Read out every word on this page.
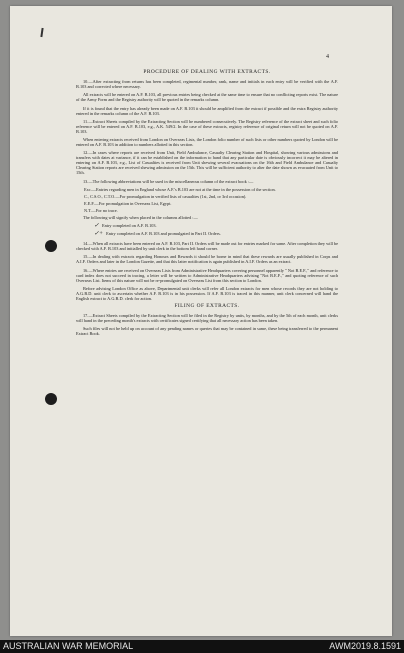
4
PROCEDURE OF DEALING WITH EXTRACTS.

10.—After extracting from returns has been completed, regimental number, rank, name and initials in each entry will be verified with the A.F. B.103 and corrected where necessary.

All extracts will be entered on A.F. B.103, all previous entries being checked at the same time to ensure that no conflicting reports exist. The nature of the Army Form and the Registry authority will be quoted in the remarks column.

If it is found that the entry has already been made on A.F. B.103 it should be amplified from the extract if possible and the extra Registry authority entered in the remarks column of the A.F. B.103.

11.—Extract Sheets compiled by the Extracting Section will be numbered consecutively. The Registry reference of the extract sheet and such folio reference will be entered on A.F. B.103, e.g., A.K. 549/2. In the case of these extracts, registry reference of original return will not be quoted on A.F. B.103.

When entering extracts received from London on Overseas Lists, the London folio number of such lists or other numbers quoted by London will be entered on A.F. B.103 in addition to numbers allotted in this section.

12.—In cases where reports are received from Unit, Field Ambulance, Casualty Clearing Station and Hospital, showing various admissions and transfers with dates at variance, if it can be established on the information to hand that any particular date is obviously incorrect it may be altered in entering on A.F. B.103, e.g., List of Casualties is received from Unit shewing several evacuations on the 16th and Field Ambulance and Casualty Clearing Station reports are received shewing admission on the 15th. This will be sufficient authority to alter the date shown as evacuated from Unit to 15th.

13.—The following abbreviations will be used in the miscellaneous column of the extract book :—

Exc.—Entries regarding men in England whose A.F.'s B.103 are not at the time in the possession of the section.

C., C.S.O., C.T.O.—For promulgation in verified lists of casualties (1st, 2nd, or 3rd occasion).

E.E.F.—For promulgation in Overseas List, Egypt.

N.T.—For no trace.

The following will signify when placed in the columns allotted :—

✓ Entry completed on A.F. B.103.
✓+ Entry completed on A.F. B.103 and promulgated in Part II. Orders.

14.—When all extracts have been entered on A.F. B.103, Part II. Orders will be made out for entries marked for same. After completion they will be checked with A.F. B.103 and initialled by unit clerk in the bottom left hand corner.

15.—In dealing with extracts regarding Honours and Rewards it should be borne in mind that these rewards are usually published in Corps and A.I.F. Orders and later in the London Gazette, and that this latter notification is again published in A.I.F. Orders as an extract.

16.—Where entries are received on Overseas Lists from Administrative Headquarters covering personnel apparently " Not B.E.F.," and reference to card index does not succeed in tracing, a letter will be written to Administrative Headquarters advising "Not B.E.F.," and quoting reference of such Overseas List. Items of this nature will not be re-promulgated on Overseas List from this section to London.

Before advising London Office as above, Departmental unit clerks will refer all London extracts for men whose records they are not holding to A.G.B.D. unit clerk to ascertain whether A.F. B.103 is in his possession. If A.F. B.103 is traced in this manner, unit clerk concerned will hand the English extract to A.G.B.D. clerk for action.

FILING OF EXTRACTS.

17.—Extract Sheets compiled by the Extracting Section will be filed in the Registry by units, by months, and by the 5th of each month, unit clerks will hand in the preceding month's extracts with certificates signed certifying that all necessary action has been taken.

Such files will not be held up on account of any pending names or queries that may be contained in same, these being transferred to the permanent Extract Book.

AUSTRALIAN WAR MEMORIAL	AWM2019.8.1591
